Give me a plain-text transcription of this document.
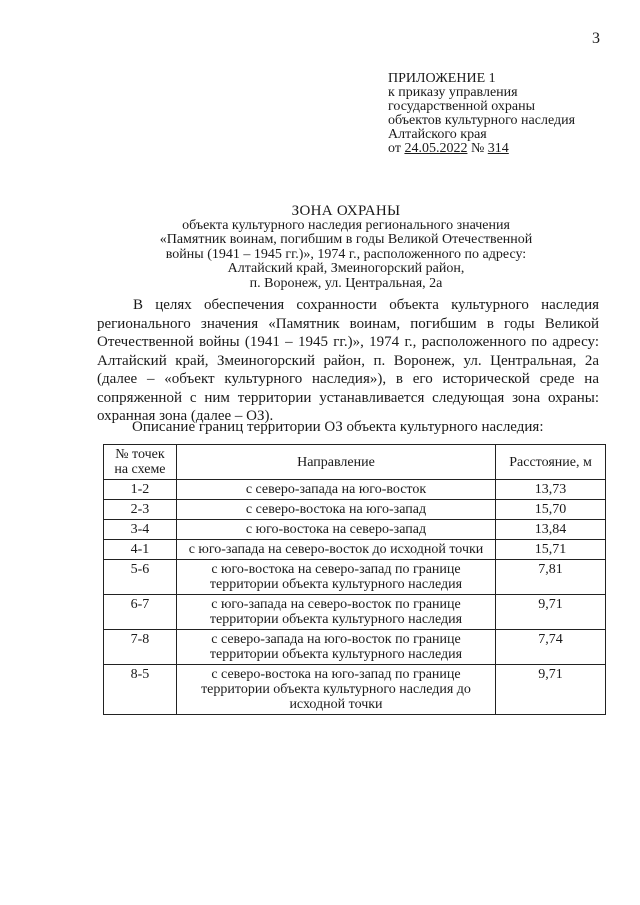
3
ПРИЛОЖЕНИЕ 1
к приказу управления
государственной охраны
объектов культурного наследия
Алтайского края
от 24.05.2022 № 314
ЗОНА ОХРАНЫ
объекта культурного наследия регионального значения
«Памятник воинам, погибшим в годы Великой Отечественной
войны (1941 – 1945 гг.)», 1974 г., расположенного по адресу:
Алтайский край, Змеиногорский район,
п. Воронеж, ул. Центральная, 2а

В целях обеспечения сохранности объекта культурного наследия регионального значения «Памятник воинам, погибшим в годы Великой Отечественной войны (1941 – 1945 гг.)», 1974 г., расположенного по адресу: Алтайский край, Змеиногорский район, п. Воронеж, ул. Центральная, 2а (далее – «объект культурного наследия»), в его исторической среде на сопряженной с ним территории устанавливается следующая зона охраны: охранная зона (далее – ОЗ).

Описание границ территории ОЗ объекта культурного наследия:
№ точек на схеме	Направление	Расстояние, м
1-2	с северо-запада на юго-восток	13,73
2-3	с северо-востока на юго-запад	15,70
3-4	с юго-востока на северо-запад	13,84
4-1	с юго-запада на северо-восток до исходной точки	15,71
5-6	с юго-востока на северо-запад по границе территории объекта культурного наследия	7,81
6-7	с юго-запада на северо-восток по границе территории объекта культурного наследия	9,71
7-8	с северо-запада на юго-восток по границе территории объекта культурного наследия	7,74
8-5	с северо-востока на юго-запад по границе территории объекта культурного наследия до исходной точки	9,71
